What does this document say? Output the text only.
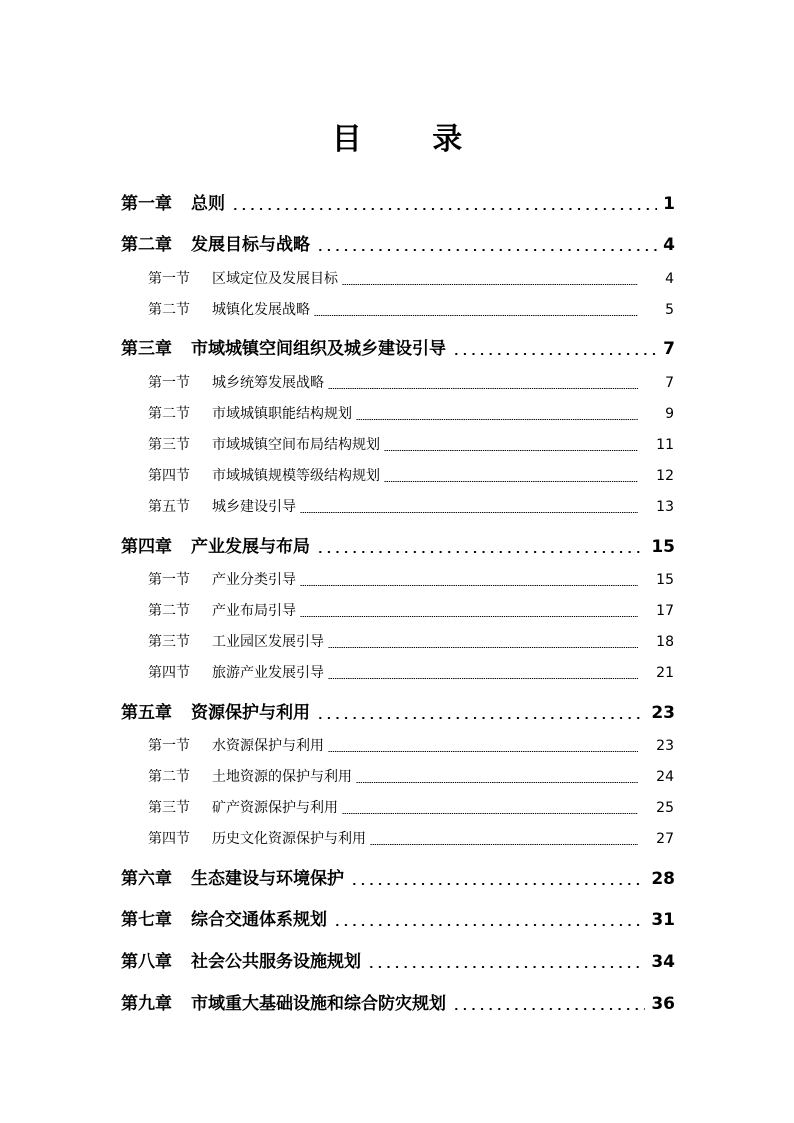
目 录
第一章	总则	1
第二章	发展目标与战略	4
第一节	区域定位及发展目标	4
第二节	城镇化发展战略	5
第三章	市域城镇空间组织及城乡建设引导	7
第一节	城乡统筹发展战略	7
第二节	市域城镇职能结构规划	9
第三节	市域城镇空间布局结构规划	11
第四节	市域城镇规模等级结构规划	12
第五节	城乡建设引导	13
第四章	产业发展与布局	15
第一节	产业分类引导	15
第二节	产业布局引导	17
第三节	工业园区发展引导	18
第四节	旅游产业发展引导	21
第五章	资源保护与利用	23
第一节	水资源保护与利用	23
第二节	土地资源的保护与利用	24
第三节	矿产资源保护与利用	25
第四节	历史文化资源保护与利用	27
第六章	生态建设与环境保护	28
第七章	综合交通体系规划	31
第八章	社会公共服务设施规划	34
第九章	市域重大基础设施和综合防灾规划	36
